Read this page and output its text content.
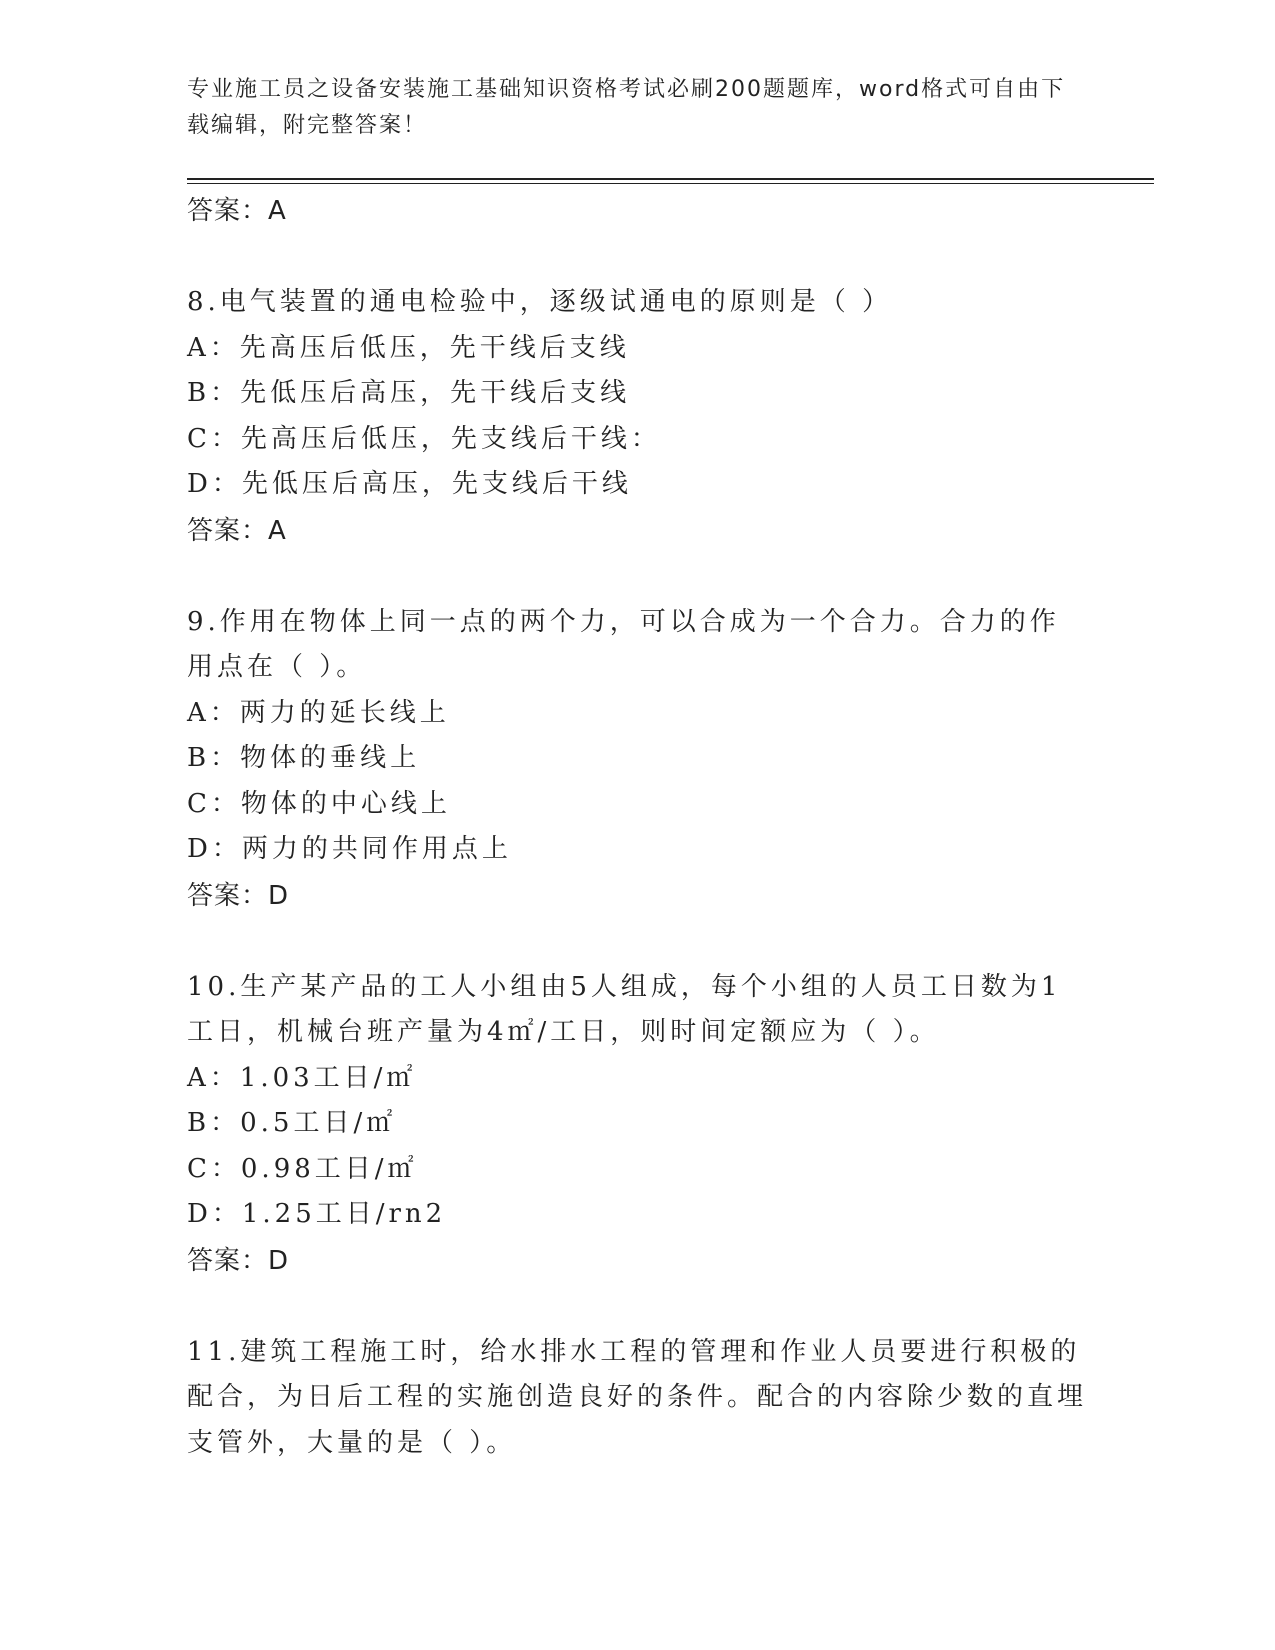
专业施工员之设备安装施工基础知识资格考试必刷200题题库，word格式可自由下载编辑，附完整答案！
答案：A
8.电气装置的通电检验中，逐级试通电的原则是（ ）
A：先高压后低压，先干线后支线
B：先低压后高压，先干线后支线
C：先高压后低压，先支线后干线：
D：先低压后高压，先支线后干线
答案：A
9.作用在物体上同一点的两个力，可以合成为一个合力。合力的作用点在（ ）。
A：两力的延长线上
B：物体的垂线上
C：物体的中心线上
D：两力的共同作用点上
答案：D
10.生产某产品的工人小组由5人组成，每个小组的人员工日数为1工日，机械台班产量为4㎡/工日，则时间定额应为（ ）。
A：1.03工日/㎡
B：0.5工日/㎡
C：0.98工日/㎡
D：1.25工日/rn2
答案：D
11.建筑工程施工时，给水排水工程的管理和作业人员要进行积极的配合，为日后工程的实施创造良好的条件。配合的内容除少数的直埋支管外，大量的是（ ）。
